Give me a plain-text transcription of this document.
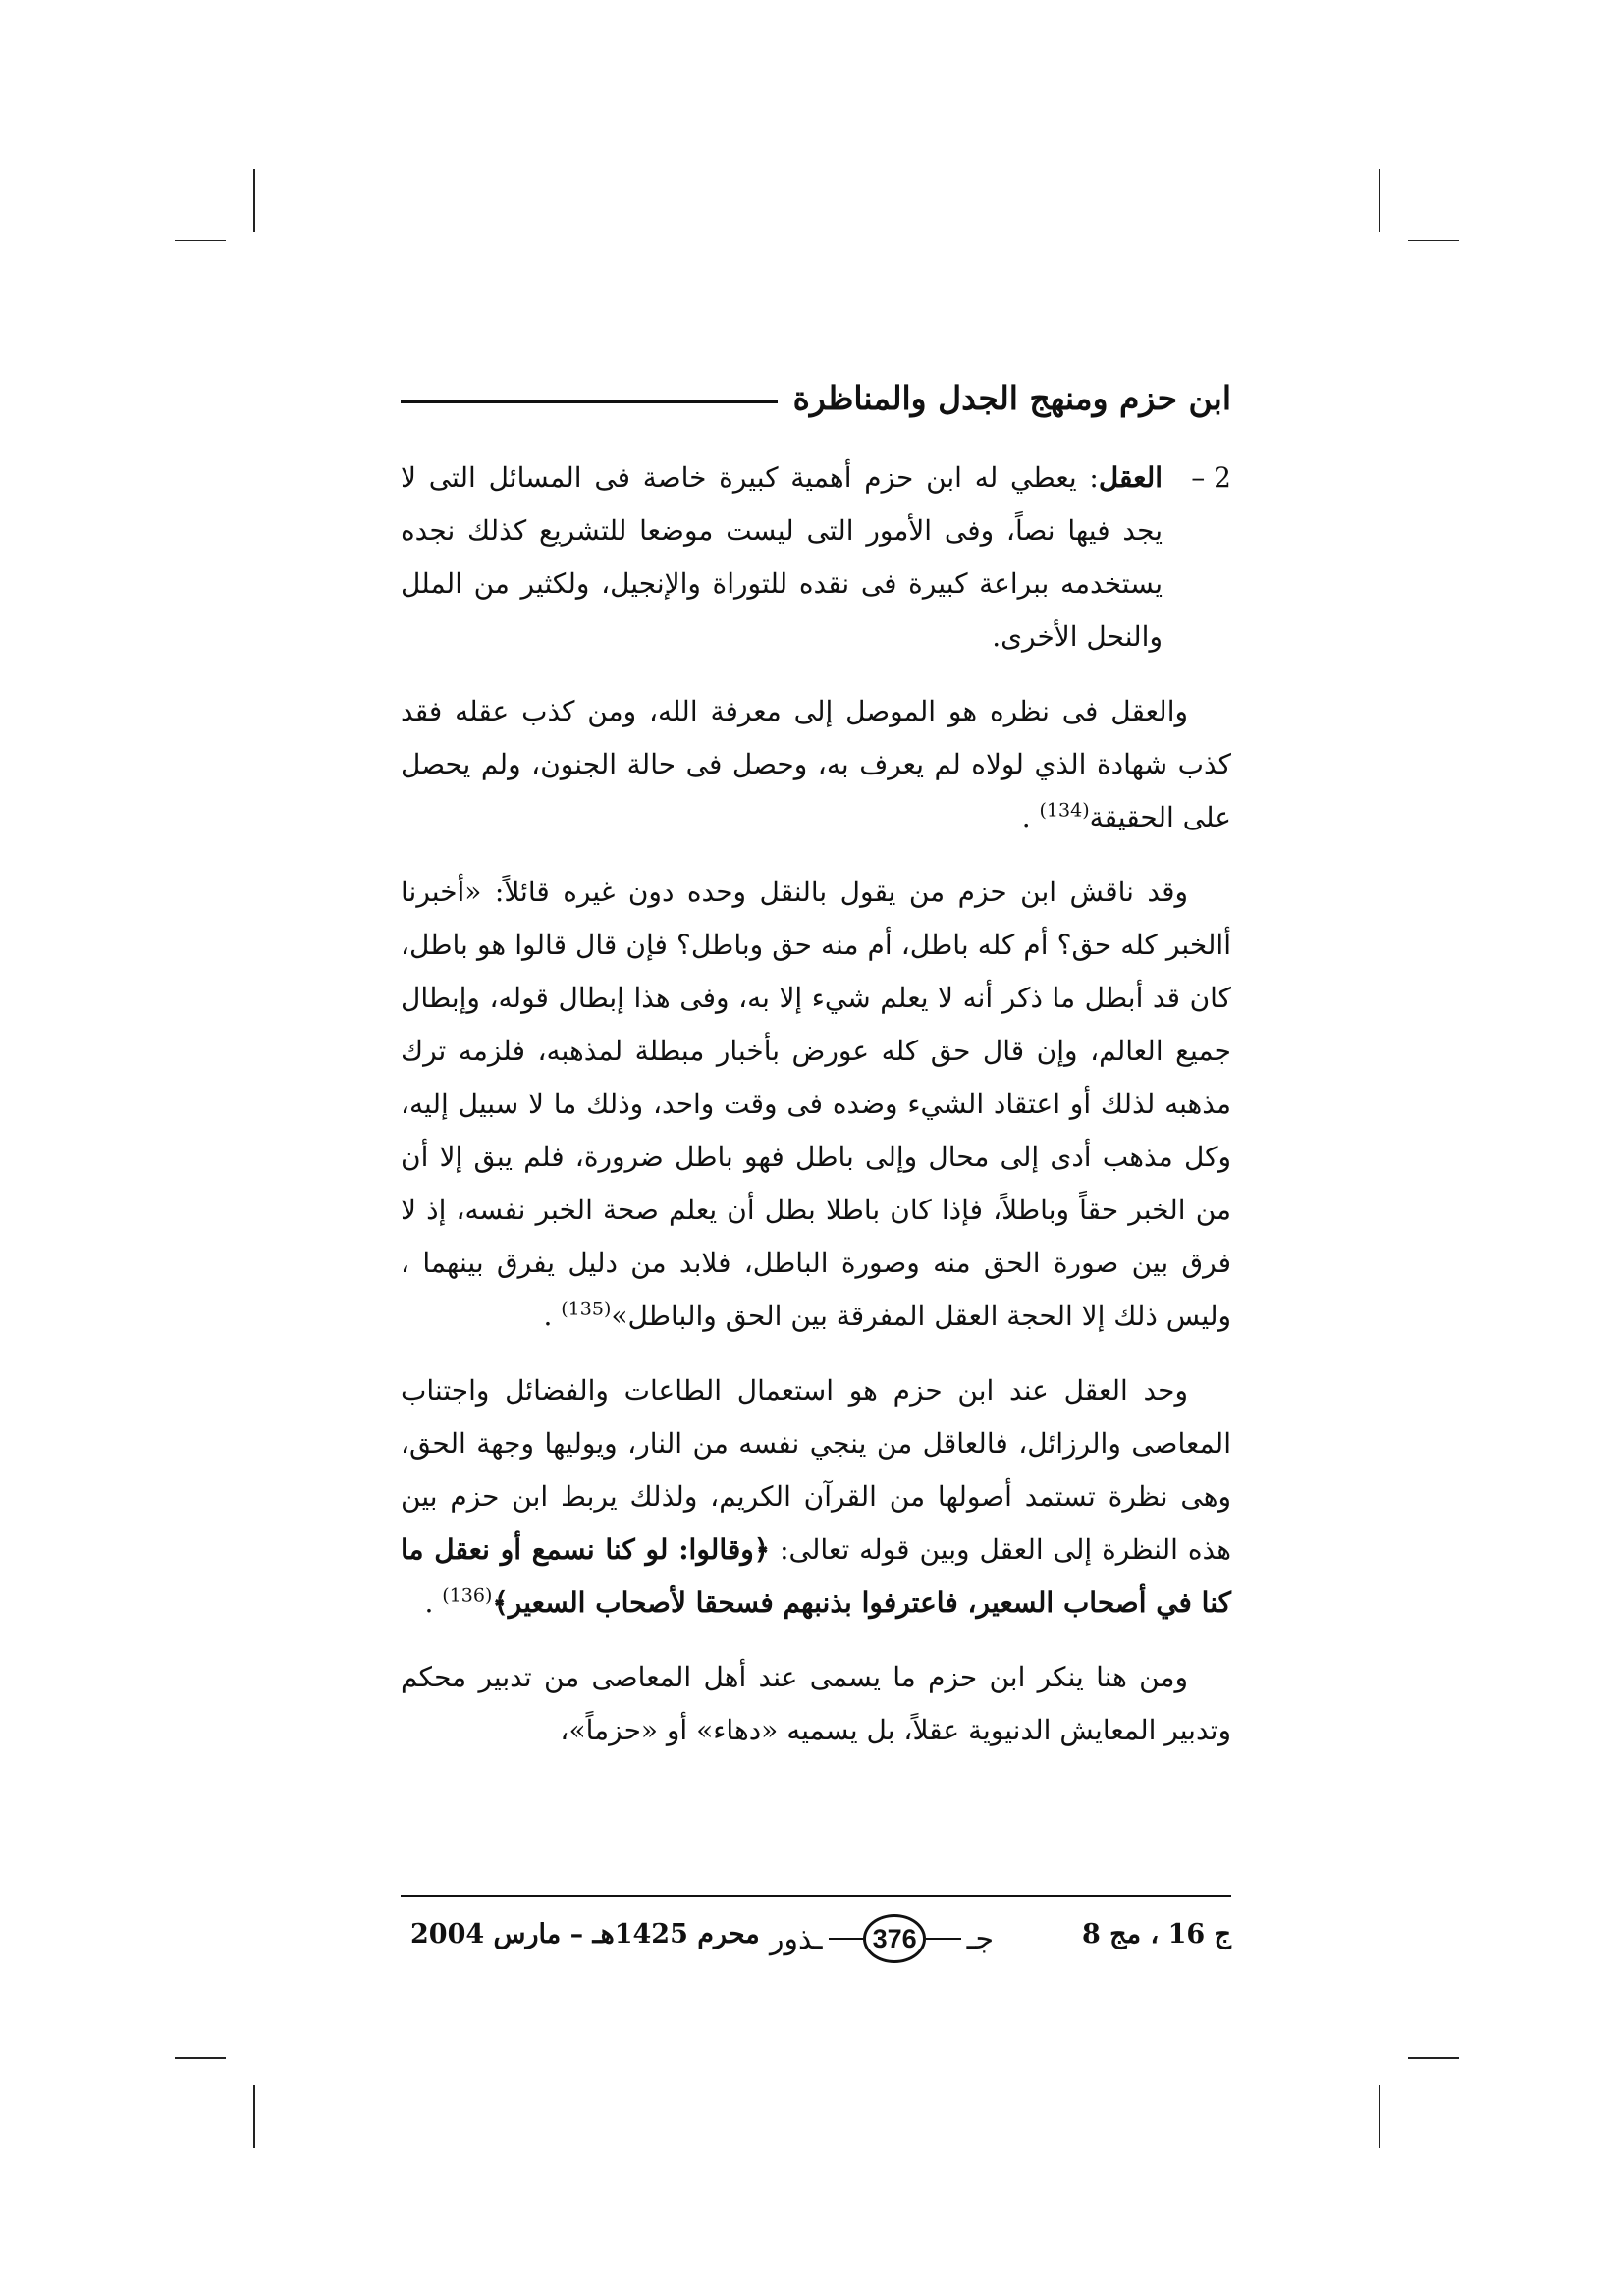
ابن حزم ومنهج الجدل والمناظرة

2 –
العقل: يعطي له ابن حزم أهمية كبيرة خاصة فى المسائل التى لا يجد فيها نصاً، وفى الأمور التى ليست موضعا للتشريع كذلك نجده يستخدمه ببراعة كبيرة فى نقده للتوراة والإنجيل، ولكثير من الملل والنحل الأخرى.

والعقل فى نظره هو الموصل إلى معرفة الله، ومن كذب عقله فقد كذب شهادة الذي لولاه لم يعرف به، وحصل فى حالة الجنون، ولم يحصل على الحقيقة$^{(134)}$ .

وقد ناقش ابن حزم من يقول بالنقل وحده دون غيره قائلاً: «أخبرنا أالخبر كله حق؟ أم كله باطل، أم منه حق وباطل؟ فإن قال قالوا هو باطل، كان قد أبطل ما ذكر أنه لا يعلم شيء إلا به، وفى هذا إبطال قوله، وإبطال جميع العالم، وإن قال حق كله عورض بأخبار مبطلة لمذهبه، فلزمه ترك مذهبه لذلك أو اعتقاد الشيء وضده فى وقت واحد، وذلك ما لا سبيل إليه، وكل مذهب أدى إلى محال وإلى باطل فهو باطل ضرورة، فلم يبق إلا أن من الخبر حقاً وباطلاً، فإذا كان باطلا بطل أن يعلم صحة الخبر نفسه، إذ لا فرق بين صورة الحق منه وصورة الباطل، فلابد من دليل يفرق بينهما ، وليس ذلك إلا الحجة العقل المفرقة بين الحق والباطل»$^{(135)}$ .

وحد العقل عند ابن حزم هو استعمال الطاعات والفضائل واجتناب المعاصى والرزائل، فالعاقل من ينجي نفسه من النار، ويوليها وجهة الحق، وهى نظرة تستمد أصولها من القرآن الكريم، ولذلك يربط ابن حزم بين هذه النظرة إلى العقل وبين قوله تعالى: ﴿وقالوا: لو كنا نسمع أو نعقل ما كنا في أصحاب السعير، فاعترفوا بذنبهم فسحقا لأصحاب السعير﴾$^{(136)}$ .

ومن هنا ينكر ابن حزم ما يسمى عند أهل المعاصى من تدبير محكم وتدبير المعايش الدنيوية عقلاً، بل يسميه «دهاء» أو «حزماً»،

ج 16 ، مج 8
جـ
376
ـذور
محرم 1425هـ – مارس 2004
